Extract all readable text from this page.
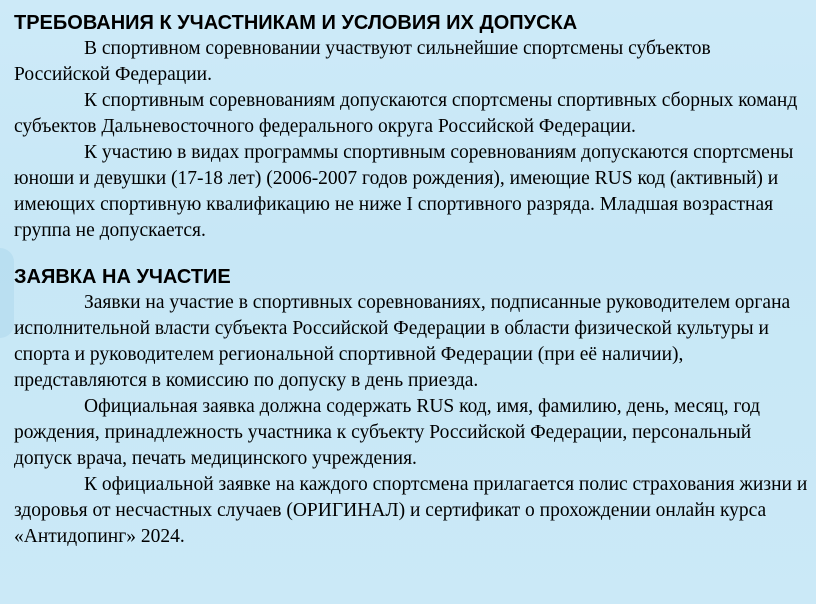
ТРЕБОВАНИЯ К УЧАСТНИКАМ И УСЛОВИЯ ИХ ДОПУСКА

В спортивном соревновании участвуют сильнейшие спортсмены субъектов Российской Федерации.

К спортивным соревнованиям допускаются спортсмены спортивных сборных команд субъектов Дальневосточного федерального округа Российской Федерации.

К участию в видах программы спортивным соревнованиям допускаются спортсмены юноши и девушки (17-18 лет) (2006-2007 годов рождения), имеющие RUS код (активный) и имеющих спортивную квалификацию не ниже I спортивного разряда. Младшая возрастная группа не допускается.

ЗАЯВКА НА УЧАСТИЕ

Заявки на участие в спортивных соревнованиях, подписанные руководителем органа исполнительной власти субъекта Российской Федерации в области физической культуры и спорта и руководителем региональной спортивной Федерации (при её наличии), представляются в комиссию по допуску в день приезда.

Официальная заявка должна содержать RUS код, имя, фамилию, день, месяц, год рождения, принадлежность участника к субъекту Российской Федерации, персональный допуск врача, печать медицинского учреждения.

К официальной заявке на каждого спортсмена прилагается полис страхования жизни и здоровья от несчастных случаев (ОРИГИНАЛ) и сертификат о прохождении онлайн курса «Антидопинг» 2024.
